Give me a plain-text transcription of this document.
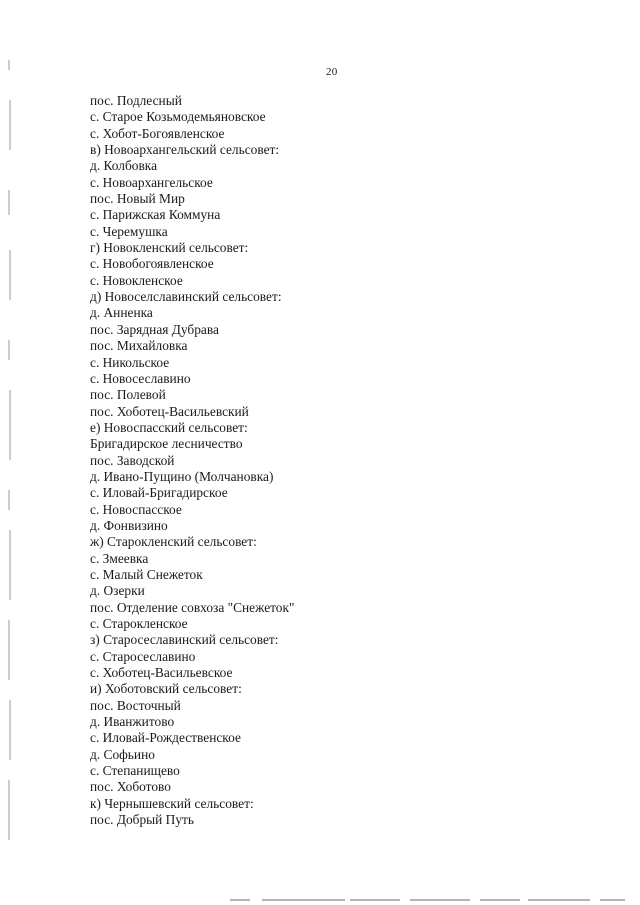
20
пос. Подлесный
с. Старое Козьмодемьяновское
с. Хобот-Богоявленское
в) Новоархангельский сельсовет:
д. Колбовка
с. Новоархангельское
пос. Новый Мир
с. Парижская Коммуна
с. Черемушка
г) Новокленский сельсовет:
с. Новобогоявленское
с. Новокленское
д) Новоселславинский сельсовет:
д. Анненка
пос. Зарядная Дубрава
пос. Михайловка
с. Никольское
с. Новосеславино
пос. Полевой
пос. Хоботец-Васильевский
е) Новоспасский сельсовет:
Бригадирское лесничество
пос. Заводской
д. Ивано-Пущино (Молчановка)
с. Иловай-Бригадирское
с. Новоспасское
д. Фонвизино
ж) Староклeнский сельсовет:
с. Змеевка
с. Малый Снежеток
д. Озерки
пос. Отделение совхоза "Снежеток"
с. Староклeнское
з) Старосеславинский сельсовет:
с. Старосеславино
с. Хоботец-Васильевское
и) Хоботовский сельсовет:
пос. Восточный
д. Иванжитово
с. Иловай-Рождественское
д. Софьино
с. Степанищево
пос. Хоботово
к) Чернышевский сельсовет:
пос. Добрый Путь
